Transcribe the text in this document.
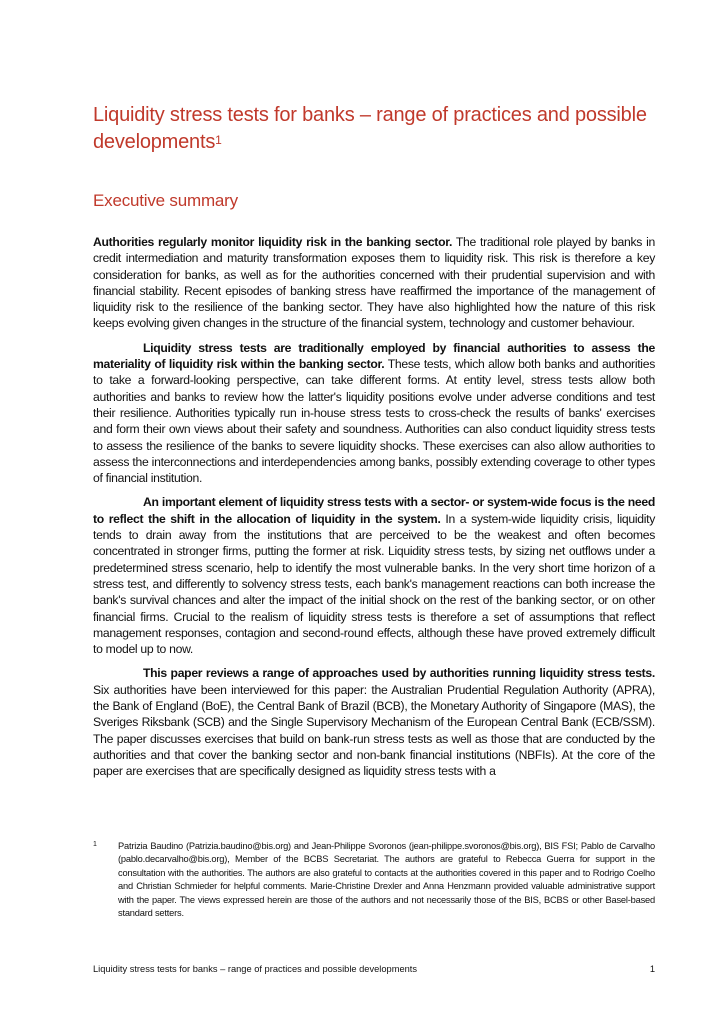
Liquidity stress tests for banks – range of practices and possible developments$^1$
Executive summary

Authorities regularly monitor liquidity risk in the banking sector. The traditional role played by banks in credit intermediation and maturity transformation exposes them to liquidity risk. This risk is therefore a key consideration for banks, as well as for the authorities concerned with their prudential supervision and with financial stability. Recent episodes of banking stress have reaffirmed the importance of the management of liquidity risk to the resilience of the banking sector. They have also highlighted how the nature of this risk keeps evolving given changes in the structure of the financial system, technology and customer behaviour.

Liquidity stress tests are traditionally employed by financial authorities to assess the materiality of liquidity risk within the banking sector. These tests, which allow both banks and authorities to take a forward-looking perspective, can take different forms. At entity level, stress tests allow both authorities and banks to review how the latter's liquidity positions evolve under adverse conditions and test their resilience. Authorities typically run in-house stress tests to cross-check the results of banks' exercises and form their own views about their safety and soundness. Authorities can also conduct liquidity stress tests to assess the resilience of the banks to severe liquidity shocks. These exercises can also allow authorities to assess the interconnections and interdependencies among banks, possibly extending coverage to other types of financial institution.

An important element of liquidity stress tests with a sector- or system-wide focus is the need to reflect the shift in the allocation of liquidity in the system. In a system-wide liquidity crisis, liquidity tends to drain away from the institutions that are perceived to be the weakest and often becomes concentrated in stronger firms, putting the former at risk. Liquidity stress tests, by sizing net outflows under a predetermined stress scenario, help to identify the most vulnerable banks. In the very short time horizon of a stress test, and differently to solvency stress tests, each bank's management reactions can both increase the bank's survival chances and alter the impact of the initial shock on the rest of the banking sector, or on other financial firms. Crucial to the realism of liquidity stress tests is therefore a set of assumptions that reflect management responses, contagion and second-round effects, although these have proved extremely difficult to model up to now.

This paper reviews a range of approaches used by authorities running liquidity stress tests. Six authorities have been interviewed for this paper: the Australian Prudential Regulation Authority (APRA), the Bank of England (BoE), the Central Bank of Brazil (BCB), the Monetary Authority of Singapore (MAS), the Sveriges Riksbank (SCB) and the Single Supervisory Mechanism of the European Central Bank (ECB/SSM). The paper discusses exercises that build on bank-run stress tests as well as those that are conducted by the authorities and that cover the banking sector and non-bank financial institutions (NBFIs). At the core of the paper are exercises that are specifically designed as liquidity stress tests with a

1	Patrizia Baudino (Patrizia.baudino@bis.org) and Jean-Philippe Svoronos (jean-philippe.svoronos@bis.org), BIS FSI; Pablo de Carvalho (pablo.decarvalho@bis.org), Member of the BCBS Secretariat. The authors are grateful to Rebecca Guerra for support in the consultation with the authorities. The authors are also grateful to contacts at the authorities covered in this paper and to Rodrigo Coelho and Christian Schmieder for helpful comments. Marie-Christine Drexler and Anna Henzmann provided valuable administrative support with the paper. The views expressed herein are those of the authors and not necessarily those of the BIS, BCBS or other Basel-based standard setters.
Liquidity stress tests for banks – range of practices and possible developments	1
